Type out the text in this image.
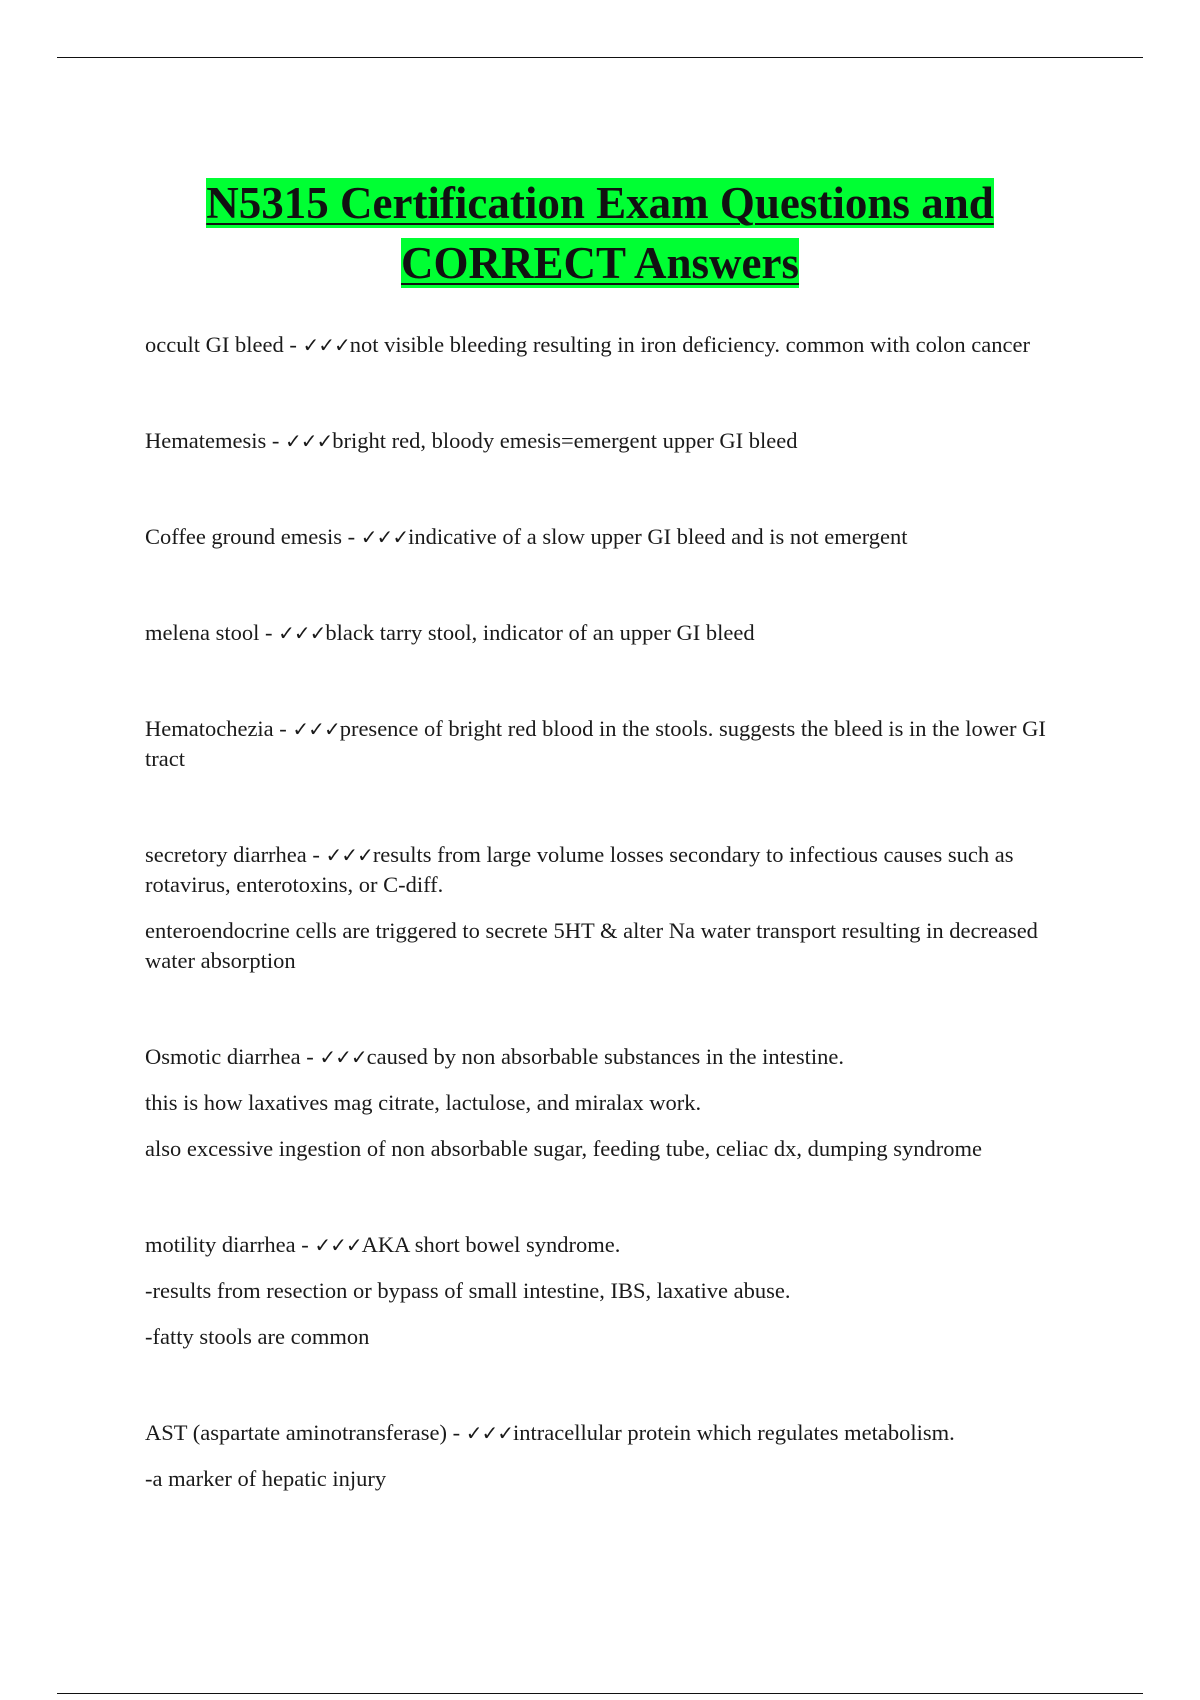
N5315 Certification Exam Questions and
CORRECT Answers

occult GI bleed - ✓✓✓not visible bleeding resulting in iron deficiency. common with colon cancer

Hematemesis - ✓✓✓bright red, bloody emesis=emergent upper GI bleed

Coffee ground emesis - ✓✓✓indicative of a slow upper GI bleed and is not emergent

melena stool - ✓✓✓black tarry stool, indicator of an upper GI bleed

Hematochezia - ✓✓✓presence of bright red blood in the stools. suggests the bleed is in the lower GI tract

secretory diarrhea - ✓✓✓results from large volume losses secondary to infectious causes such as rotavirus, enterotoxins, or C-diff.

enteroendocrine cells are triggered to secrete 5HT & alter Na water transport resulting in decreased water absorption

Osmotic diarrhea - ✓✓✓caused by non absorbable substances in the intestine.

this is how laxatives mag citrate, lactulose, and miralax work.

also excessive ingestion of non absorbable sugar, feeding tube, celiac dx, dumping syndrome

motility diarrhea - ✓✓✓AKA short bowel syndrome.

-results from resection or bypass of small intestine, IBS, laxative abuse.

-fatty stools are common

AST (aspartate aminotransferase) - ✓✓✓intracellular protein which regulates metabolism.

-a marker of hepatic injury
